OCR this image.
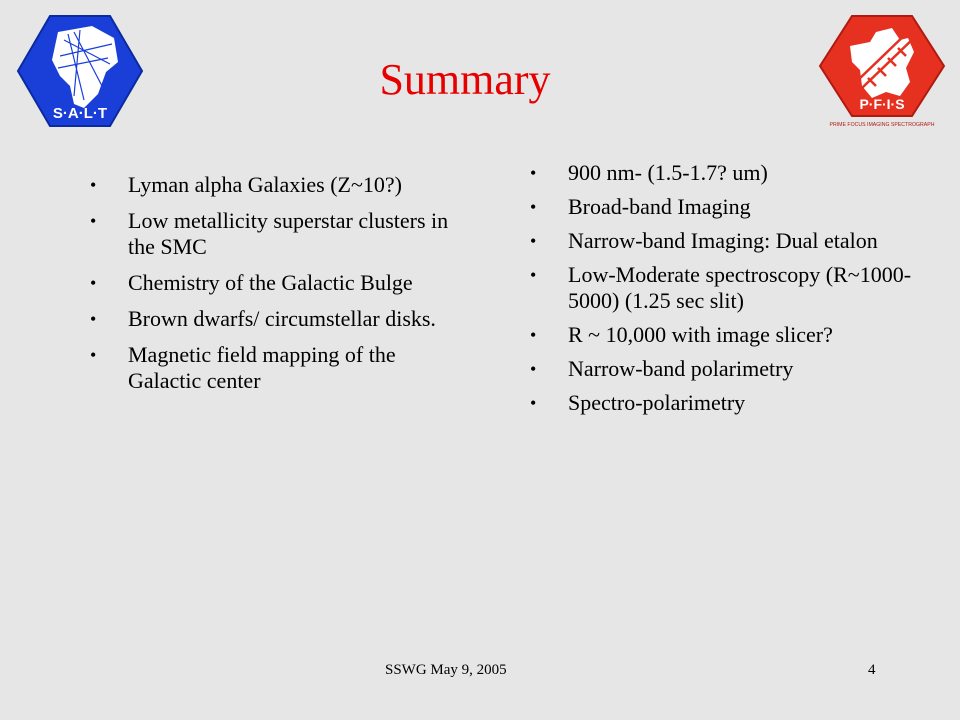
S·A·L·T
P·F·I·S
PRIME FOCUS IMAGING SPECTROGRAPH
Summary
• Lyman alpha Galaxies (Z~10?)
• Low metallicity superstar clusters in the SMC
• Chemistry of the Galactic Bulge
• Brown dwarfs/ circumstellar disks.
• Magnetic field mapping of the Galactic center
• 900 nm- (1.5-1.7? um)
• Broad-band Imaging
• Narrow-band Imaging: Dual etalon
• Low-Moderate spectroscopy (R~1000-5000) (1.25 sec slit)
• R ~ 10,000 with image slicer?
• Narrow-band polarimetry
• Spectro-polarimetry
SSWG May 9, 2005	4
